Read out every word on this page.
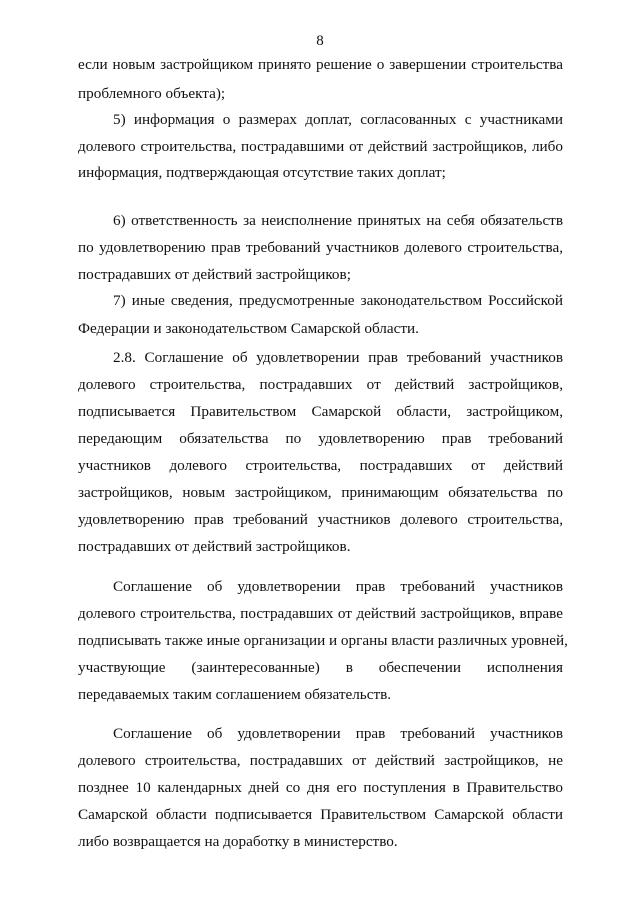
8
если новым застройщиком принято решение о завершении строительства
проблемного объекта);
5) информация о размерах доплат, согласованных с участниками
долевого строительства, пострадавшими от действий застройщиков, либо
информация, подтверждающая отсутствие таких доплат;
6) ответственность за неисполнение принятых на себя обязательств
по удовлетворению прав требований участников долевого строительства,
пострадавших от действий застройщиков;
7) иные сведения, предусмотренные законодательством Российской
Федерации и законодательством Самарской области.
2.8. Соглашение об удовлетворении прав требований участников
долевого строительства, пострадавших от действий застройщиков,
подписывается Правительством Самарской области, застройщиком,
передающим обязательства по удовлетворению прав требований
участников долевого строительства, пострадавших от действий
застройщиков, новым застройщиком, принимающим обязательства по
удовлетворению прав требований участников долевого строительства,
пострадавших от действий застройщиков.
Соглашение об удовлетворении прав требований участников
долевого строительства, пострадавших от действий застройщиков, вправе
подписывать также иные организации и органы власти различных уровней,
участвующие (заинтересованные) в обеспечении исполнения
передаваемых таким соглашением обязательств.
Соглашение об удовлетворении прав требований участников
долевого строительства, пострадавших от действий застройщиков, не
позднее 10 календарных дней со дня его поступления в Правительство
Самарской области подписывается Правительством Самарской области
либо возвращается на доработку в министерство.
